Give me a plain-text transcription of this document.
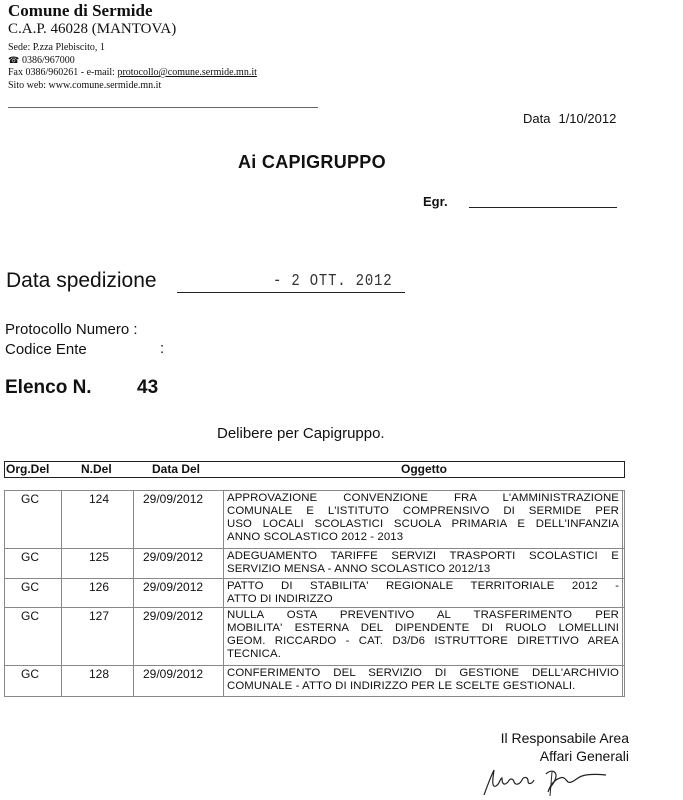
Comune di Sermide
C.A.P. 46028 (MANTOVA)
Sede: P.zza Plebiscito, 1
☎ 0386/967000
Fax 0386/960261 - e-mail: protocollo@comune.sermide.mn.it
Sito web: www.comune.sermide.mn.it
Data 1/10/2012
Ai CAPIGRUPPO
Egr.
Data spedizione	- 2 OTT. 2012
Protocollo Numero :
Codice Ente	:
Elenco N. 43
Delibere per Capigruppo.
Org.Del	N.Del	Data Del	Oggetto
GC	124	29/09/2012 APPROVAZIONE CONVENZIONE FRA L'AMMINISTRAZIONE
COMUNALE E L'ISTITUTO COMPRENSIVO DI SERMIDE PER
USO LOCALI SCOLASTICI SCUOLA PRIMARIA E DELL'INFANZIA
ANNO SCOLASTICO 2012 - 2013
GC	125	29/09/2012 ADEGUAMENTO TARIFFE SERVIZI TRASPORTI SCOLASTICI E
SERVIZIO MENSA - ANNO SCOLASTICO 2012/13
GC	126	29/09/2012 PATTO DI STABILITA' REGIONALE TERRITORIALE 2012 -
ATTO DI INDIRIZZO
GC	127	29/09/2012 NULLA OSTA PREVENTIVO AL TRASFERIMENTO PER
MOBILITA' ESTERNA DEL DIPENDENTE DI RUOLO LOMELLINI
GEOM. RICCARDO - CAT. D3/D6 ISTRUTTORE DIRETTIVO AREA
TECNICA.
GC	128	29/09/2012 CONFERIMENTO DEL SERVIZIO DI GESTIONE DELL'ARCHIVIO
COMUNALE - ATTO DI INDIRIZZO PER LE SCELTE GESTIONALI.
Il Responsabile Area
Affari Generali
